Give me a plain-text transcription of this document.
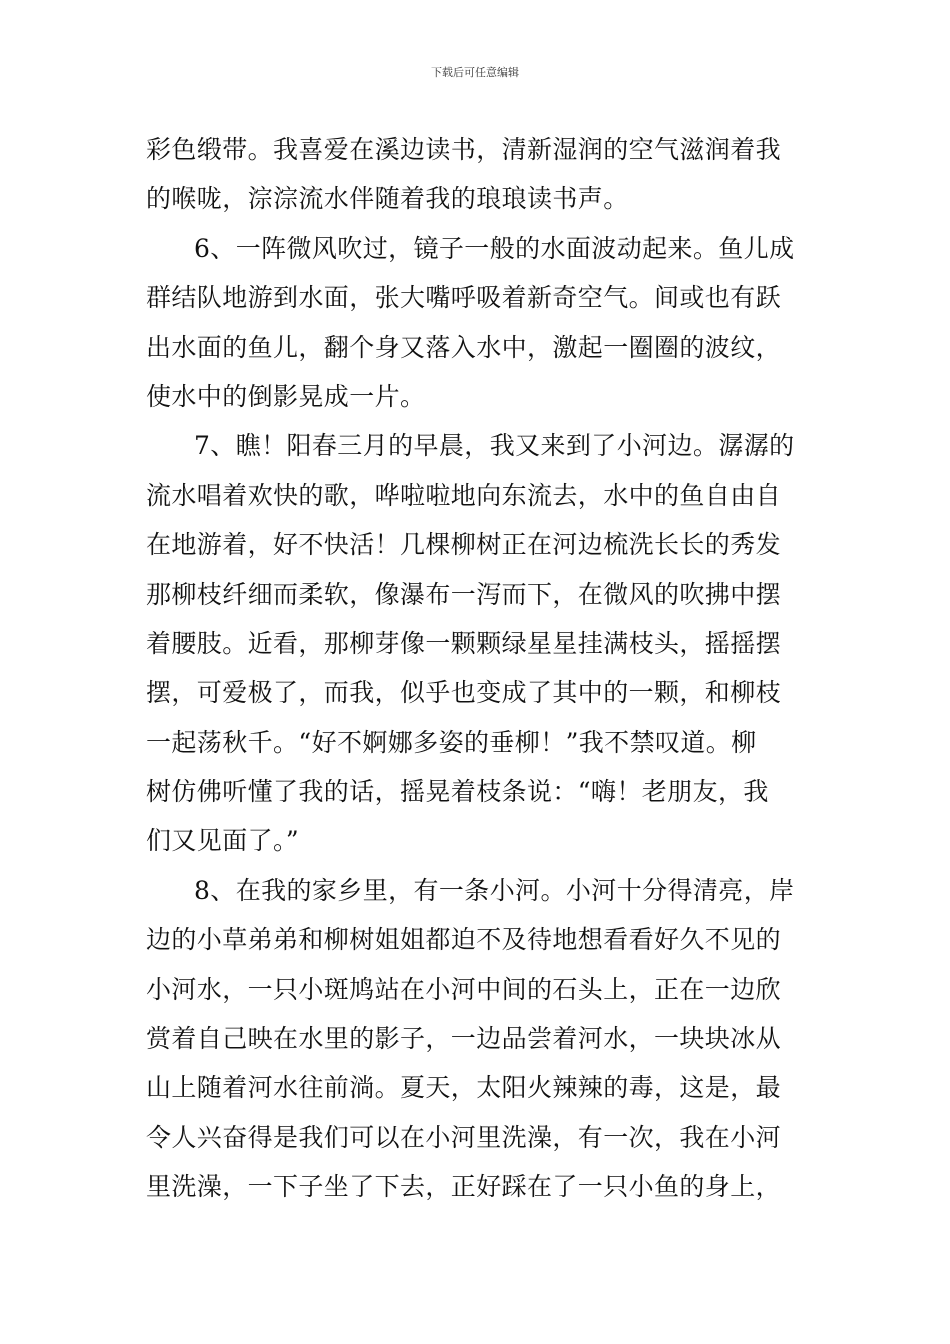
下载后可任意编辑
彩色缎带。我喜爱在溪边读书，清新湿润的空气滋润着我
的喉咙，淙淙流水伴随着我的琅琅读书声。
6、一阵微风吹过，镜子一般的水面波动起来。鱼儿成
群结队地游到水面，张大嘴呼吸着新奇空气。间或也有跃
出水面的鱼儿，翻个身又落入水中，激起一圈圈的波纹，
使水中的倒影晃成一片。
7、瞧！阳春三月的早晨，我又来到了小河边。潺潺的
流水唱着欢快的歌，哗啦啦地向东流去，水中的鱼自由自
在地游着，好不快活！几棵柳树正在河边梳洗长长的秀发
那柳枝纤细而柔软，像瀑布一泻而下，在微风的吹拂中摆
着腰肢。近看，那柳芽像一颗颗绿星星挂满枝头，摇摇摆
摆，可爱极了，而我，似乎也变成了其中的一颗，和柳枝
一起荡秋千。“好不婀娜多姿的垂柳！”我不禁叹道。柳
树仿佛听懂了我的话，摇晃着枝条说：“嗨！老朋友，我
们又见面了。”
8、在我的家乡里，有一条小河。小河十分得清亮，岸
边的小草弟弟和柳树姐姐都迫不及待地想看看好久不见的
小河水，一只小斑鸠站在小河中间的石头上，正在一边欣
赏着自己映在水里的影子，一边品尝着河水，一块块冰从
山上随着河水往前淌。夏天，太阳火辣辣的毒，这是，最
令人兴奋得是我们可以在小河里洗澡，有一次，我在小河
里洗澡，一下子坐了下去，正好踩在了一只小鱼的身上，
